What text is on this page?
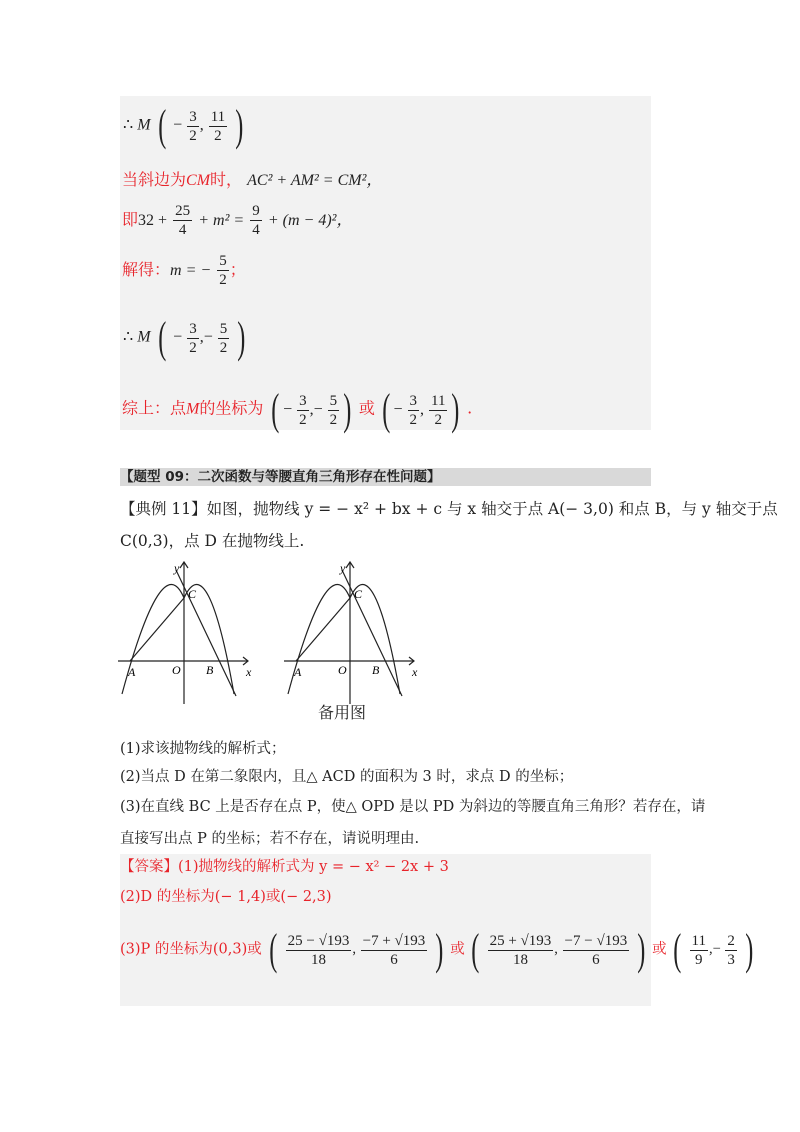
∴ M ( − $\frac{3}{2}$ , $\frac{11}{2}$ )
当斜边为CM时， AC² + AM² = CM²，
即$32 + \frac{25}{4} + m^2 = \frac{9}{4} + (m - 4)^2$，
解得：m = − $\frac{5}{2}$ ；
∴ M ( − $\frac{3}{2}$ ,− $\frac{5}{2}$ )
综上：点M的坐标为 ( − $\frac{3}{2}$ ,− $\frac{5}{2}$ ) 或 ( − $\frac{3}{2}$ , $\frac{11}{2}$ ) .
【题型 09：二次函数与等腰直角三角形存在性问题】
【典例 11】如图，抛物线 y = − x² + bx + c 与 x 轴交于点 A(− 3,0) 和点 B，与 y 轴交于点
C(0,3)，点 D 在抛物线上.
y
x
A	O B
C
y
x
A	O B
C
备用图
(1)求该抛物线的解析式；
(2)当点 D 在第二象限内，且△ ACD 的面积为 3 时，求点 D 的坐标；
(3)在直线 BC 上是否存在点 P，使△ OPD 是以 PD 为斜边的等腰直角三角形？若存在，请
直接写出点 P 的坐标；若不存在，请说明理由.
【答案】(1)抛物线的解析式为 y = − x² − 2x + 3
(2)D 的坐标为(− 1,4)或(− 2,3)
(3)P 的坐标为(0,3)或 ( $\frac{25 - √193}{18}$ , $\frac{-7 + √193}{6}$ ) 或 ( $\frac{25 + √193}{18}$ , $\frac{-7 - √193}{6}$ ) 或 ( $\frac{11}{9}$ ,− $\frac{2}{3}$ )
